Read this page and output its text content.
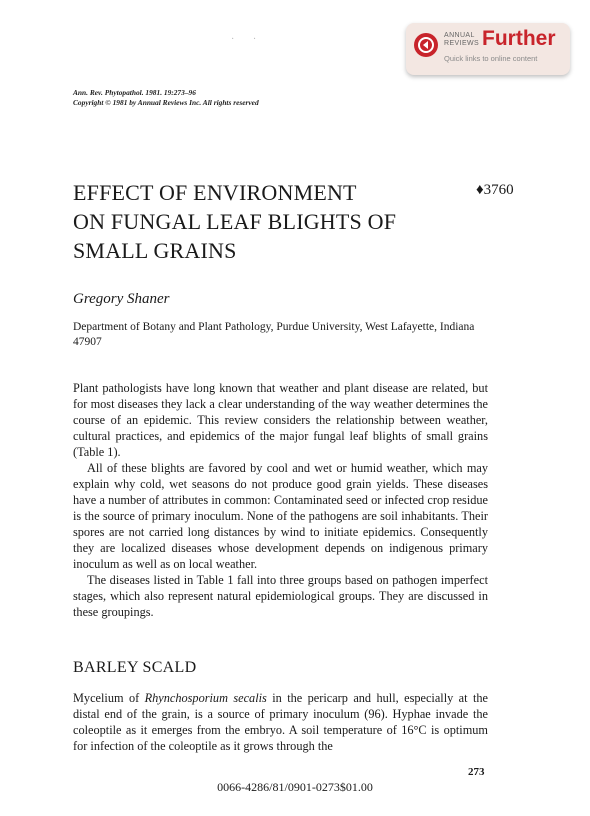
· ·	ANNUAL
REVIEWS Further
Quick links to online content
Ann. Rev. Phytopathol. 1981. 19:273–96
Copyright © 1981 by Annual Reviews Inc. All rights reserved
EFFECT OF ENVIRONMENT
ON FUNGAL LEAF BLIGHTS OF
SMALL GRAINS
♦3760
Gregory Shaner
Department of Botany and Plant Pathology, Purdue University, West Lafayette, Indiana 47907

Plant pathologists have long known that weather and plant disease are related, but for most diseases they lack a clear understanding of the way weather determines the course of an epidemic. This review considers the relationship between weather, cultural practices, and epidemics of the major fungal leaf blights of small grains (Table 1).

All of these blights are favored by cool and wet or humid weather, which may explain why cold, wet seasons do not produce good grain yields. These diseases have a number of attributes in common: Contaminated seed or infected crop residue is the source of primary inoculum. None of the pathogens are soil inhabitants. Their spores are not carried long distances by wind to initiate epidemics. Consequently they are localized diseases whose development depends on indigenous primary inoculum as well as on local weather.

The diseases listed in Table 1 fall into three groups based on pathogen imperfect stages, which also represent natural epidemiological groups. They are discussed in these groupings.

BARLEY SCALD

Mycelium of Rhynchosporium secalis in the pericarp and hull, especially at the distal end of the grain, is a source of primary inoculum (96). Hyphae invade the coleoptile as it emerges from the embryo. A soil temperature of 16°C is optimum for infection of the coleoptile as it grows through the

273
0066-4286/81/0901-0273$01.00
